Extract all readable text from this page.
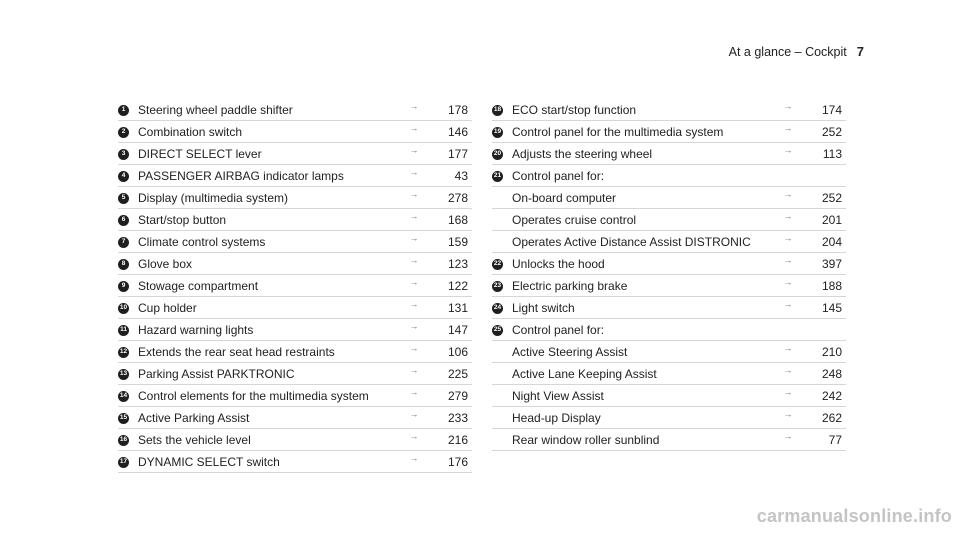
At a glance – Cockpit 7
1	Steering wheel paddle shifter	→	178
2	Combination switch	→	146
3	DIRECT SELECT lever	→	177
4	PASSENGER AIRBAG indicator lamps	→	43
5	Display (multimedia system)	→	278
6	Start/stop button	→	168
7	Climate control systems	→	159
8	Glove box	→	123
9	Stowage compartment	→	122
10 Cup holder	→	131
11 Hazard warning lights	→	147
12 Extends the rear seat head restraints	→	106
13 Parking Assist PARKTRONIC	→	225
14 Control elements for the multimedia system	→	279
15 Active Parking Assist	→	233
16 Sets the vehicle level	→	216
17 DYNAMIC SELECT switch	→	176
18 ECO start/stop function	→	174
19 Control panel for the multimedia system	→	252
20 Adjusts the steering wheel	→	113
21 Control panel for:
On-board computer	→	252
Operates cruise control	→	201
Operates Active Distance Assist DISTRONIC	→	204
22 Unlocks the hood	→	397
23 Electric parking brake	→	188
24 Light switch	→	145
25 Control panel for:
Active Steering Assist	→	210
Active Lane Keeping Assist	→	248
Night View Assist	→	242
Head-up Display	→	262
Rear window roller sunblind	→	77
carmanualsonline.info
